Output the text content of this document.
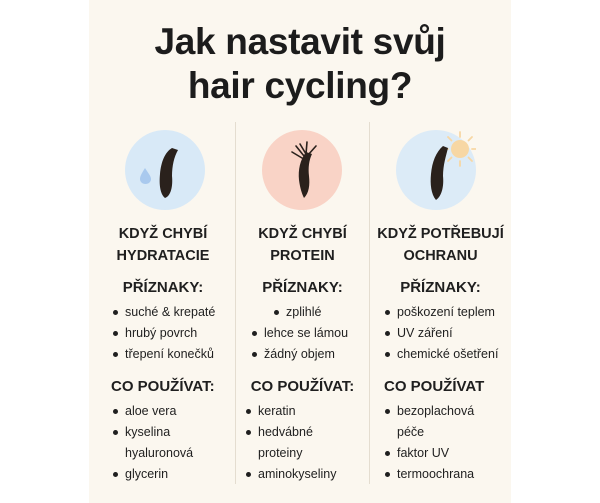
Jak nastavit svůj
hair cycling?
KDYŽ CHYBÍ
HYDRATACIE
PŘÍZNAKY:
suché & krepaté
hrubý povrch
třepení konečků
CO POUŽÍVAT:
aloe vera
kyselina
hyaluronová
glycerin
KDYŽ CHYBÍ
PROTEIN
PŘÍZNAKY:
zplihlé
lehce se lámou
žádný objem
CO POUŽÍVAT:
keratin
hedvábné
proteiny
aminokyseliny
KDYŽ POTŘEBUJÍ
OCHRANU
PŘÍZNAKY:
poškození teplem
UV záření
chemické ošetření
CO POUŽÍVAT
bezoplachová
péče
faktor UV
termoochrana
